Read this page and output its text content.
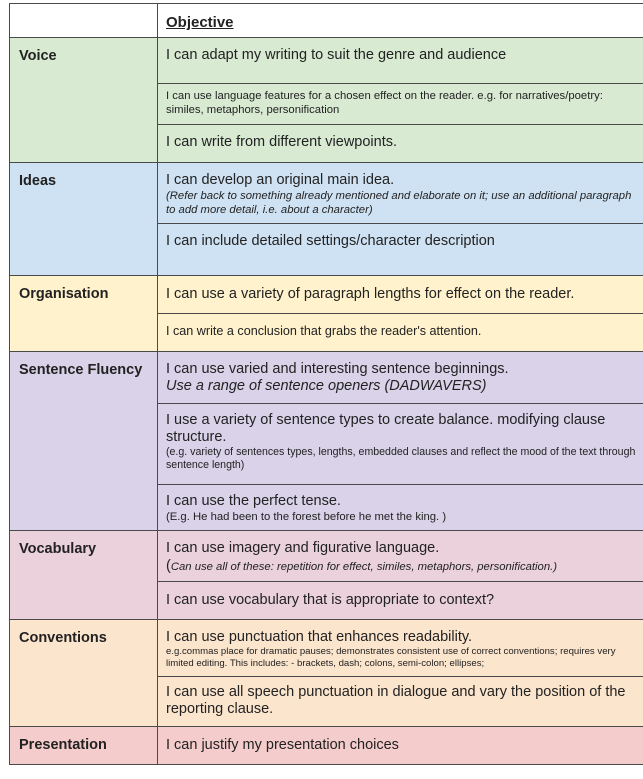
	Objective

Voice	I can adapt my writing to suit the genre and audience

	I can use language features for a chosen effect on the reader. e.g. for narratives/poetry: similes, metaphors, personification

	I can write from different viewpoints.

Ideas	I can develop an original main idea.
(Refer back to something already mentioned and elaborate on it; use an additional paragraph to add more detail, i.e. about a character)

	I can include detailed settings/character description

Organisation	I can use a variety of paragraph lengths for effect on the reader.

	I can write a conclusion that grabs the reader's attention.

Sentence Fluency	I can use varied and interesting sentence beginnings.
Use a range of sentence openers (DADWAVERS)

	I use a variety of sentence types to create balance. modifying clause structure.
(e.g. variety of sentences types, lengths, embedded clauses and reflect the mood of the text through sentence length)

	I can use the perfect tense.
(E.g. He had been to the forest before he met the king. )

Vocabulary	I can use imagery and figurative language.
(Can use all of these: repetition for effect, similes, metaphors, personification.)

	I can use vocabulary that is appropriate to context?

Conventions	I can use punctuation that enhances readability.
e.g.commas place for dramatic pauses; demonstrates consistent use of correct conventions; requires very limited editing. This includes: - brackets, dash; colons, semi-colon; ellipses;

	I can use all speech punctuation in dialogue and vary the position of the reporting clause.

Presentation	I can justify my presentation choices
